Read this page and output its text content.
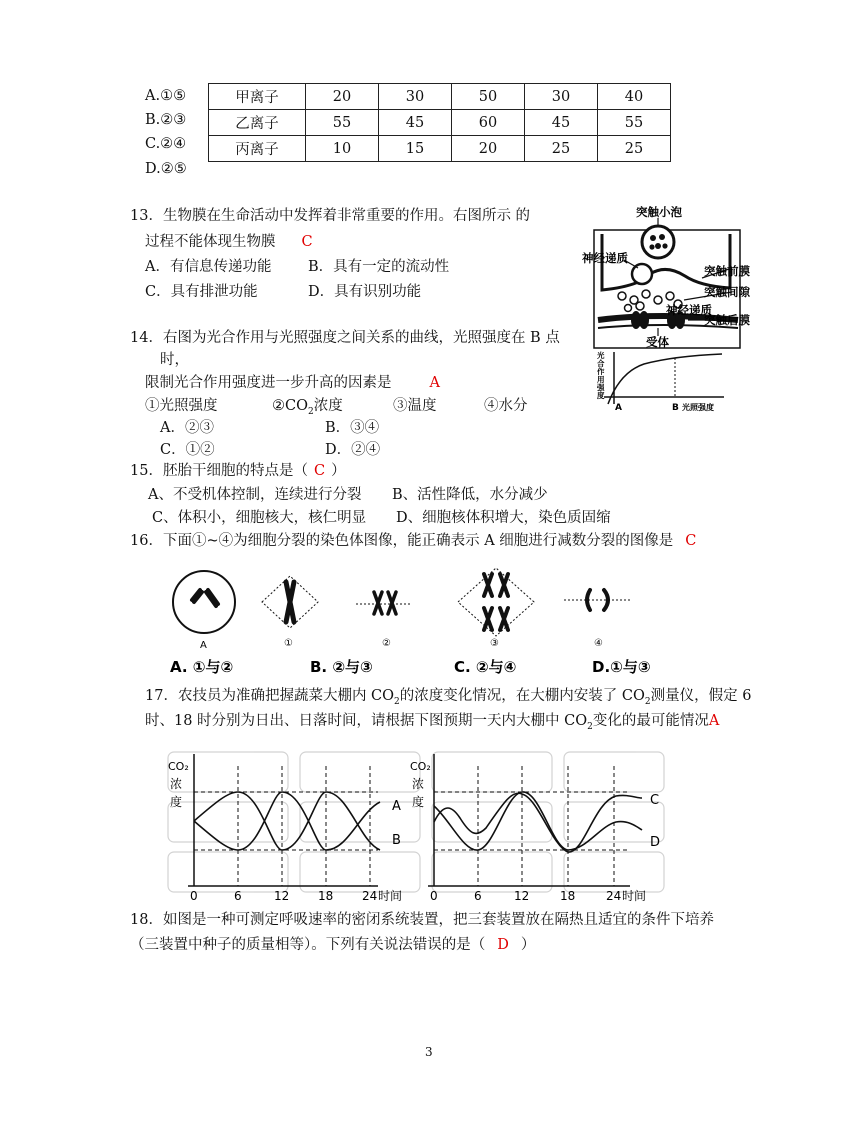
A.①⑤
B.②③
C.②④
D.②⑤
甲离子	20	30	50	30	40
乙离子	55	45	60	45	55
丙离子	10	15	20	25	25
13．生物膜在生命活动中发挥着非常重要的作用。右图所示 的
过程不能体现生物膜 C
A．有信息传递功能	B．具有一定的流动性
C．具有排泄功能	D．具有识别功能
突触小泡
神经递质
突触前膜
突触间隙
神经递质
突触后膜
受体
14．右图为光合作用与光照强度之间关系的曲线，光照强度在 B 点
时，
限制光合作用强度进一步升高的因素是	A
①光照强度	$②CO_2$浓度	③温度	④水分
A．②③	B．③④
C．①②	D．②④
光
合
作
用
强
度
A	B 光照强度
15．胚胎干细胞的特点是（ C ）
A、不受机体控制，连续进行分裂 B、活性降低，水分减少
C、体积小，细胞核大，核仁明显 D、细胞核体积增大，染色质固缩
16．下面①~④为细胞分裂的染色体图像，能正确表示 A 细胞进行减数分裂的图像是 C
A	①	②	③	④
A. ①与②	B. ②与③	C. ②与④	D.①与③
17．农技员为准确把握蔬菜大棚内 $CO_2$的浓度变化情况，在大棚内安装了 $CO_2$测量仪，假定 6
时、18 时分别为日出、日落时间，请根据下图预期一天内大棚中 $CO_2$变化的最可能情况A
CO₂
浓
度	A
B
0	6	12 18 24 时间
CO₂
浓
度	C
D
0	6	12	18	24 时间
18．如图是一种可测定呼吸速率的密闭系统装置，把三套装置放在隔热且适宜的条件下培养
（三装置中种子的质量相等）。下列有关说法错误的是（ D ）
3
